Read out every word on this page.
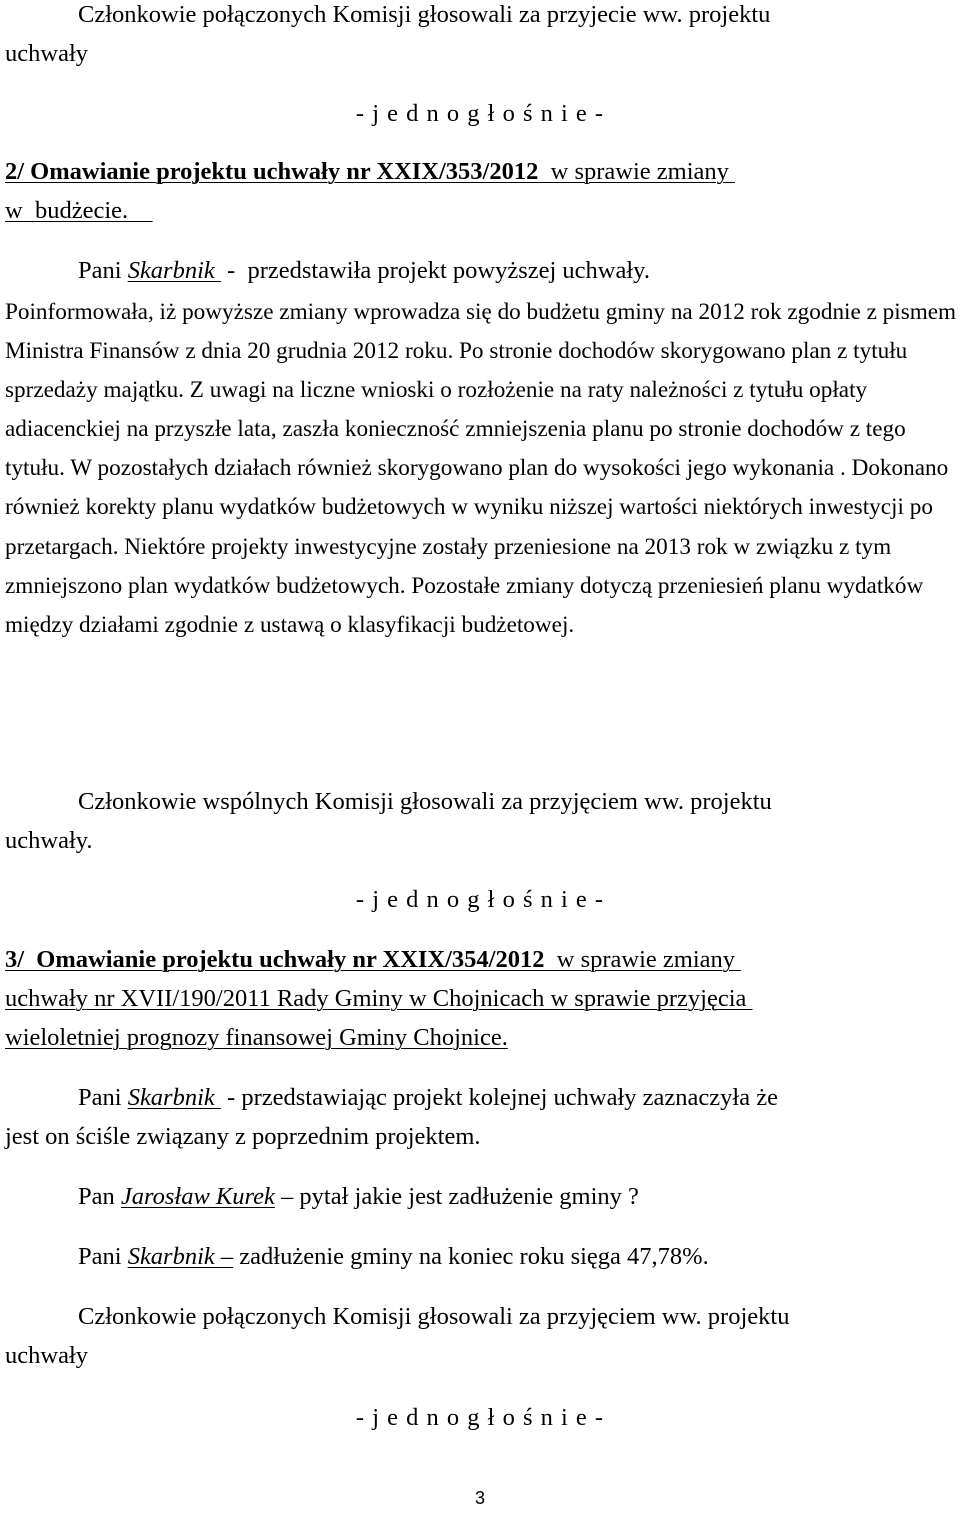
Członkowie połączonych Komisji głosowali za przyjecie ww. projektu
uchwały
- j e d n o g ł o ś n i e -
2/ Omawianie projektu uchwały nr XXIX/353/2012  w sprawie zmiany
w  budżecie.
Pani Skarbnik  -  przedstawiła projekt powyższej uchwały.
Poinformowała, iż powyższe zmiany wprowadza się do budżetu gminy na 2012 rok zgodnie z pismem Ministra Finansów z dnia 20 grudnia 2012 roku. Po stronie dochodów skorygowano plan z tytułu sprzedaży majątku. Z uwagi na liczne wnioski o rozłożenie na raty należności z tytułu opłaty adiacenckiej na przyszłe lata, zaszła konieczność zmniejszenia planu po stronie dochodów z tego tytułu. W pozostałych działach również skorygowano plan do wysokości jego wykonania . Dokonano również korekty planu wydatków budżetowych w wyniku niższej wartości niektórych inwestycji po przetargach. Niektóre projekty inwestycyjne zostały przeniesione na 2013 rok w związku z tym zmniejszono plan wydatków budżetowych. Pozostałe zmiany dotyczą przeniesień planu wydatków między działami zgodnie z ustawą o klasyfikacji budżetowej.
Członkowie wspólnych Komisji głosowali za przyjęciem ww. projektu
uchwały.
- j e d n o g ł o ś n i e -
3/  Omawianie projektu uchwały nr XXIX/354/2012  w sprawie zmiany
uchwały nr XVII/190/2011 Rady Gminy w Chojnicach w sprawie przyjęcia
wieloletniej prognozy finansowej Gminy Chojnice.
Pani Skarbnik  - przedstawiając projekt kolejnej uchwały zaznaczyła że
jest on ściśle związany z poprzednim projektem.
Pan Jarosław Kurek – pytał jakie jest zadłużenie gminy ?
Pani Skarbnik – zadłużenie gminy na koniec roku sięga 47,78%.
Członkowie połączonych Komisji głosowali za przyjęciem ww. projektu
uchwały
- j e d n o g ł o ś n i e -
3
